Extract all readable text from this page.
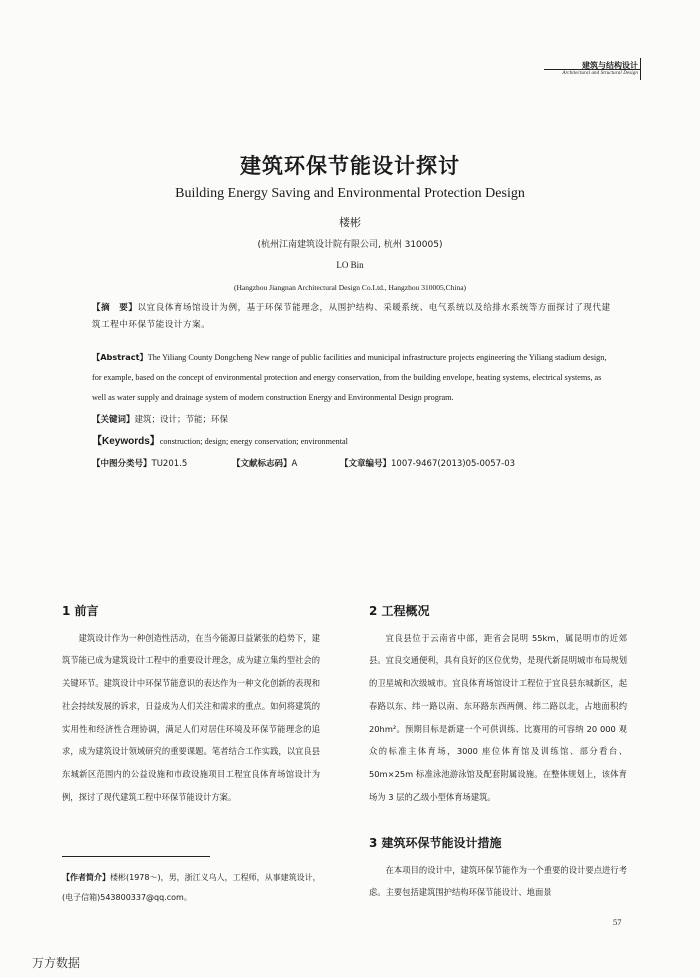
建筑与结构设计
Architectural and Structural Design
建筑环保节能设计探讨
Building Energy Saving and Environmental Protection Design
楼彬
(杭州江南建筑设计院有限公司, 杭州 310005)
LO Bin
(Hangzhou Jiangnan Architectural Design Co.Ltd., Hangzhou 310005,China)
【摘　要】以宜良体育场馆设计为例，基于环保节能理念，从围护结构、采暖系统、电气系统以及给排水系统等方面探讨了现代建筑工程中环保节能设计方案。
【Abstract】The Yiliang County Dongcheng New range of public facilities and municipal infrastructure projects engineering the Yiliang stadium design, for example, based on the concept of environmental protection and energy conservation, from the building envelope, heating systems, electrical systems, as well as water supply and drainage system of modern construction Energy and Environmental Design program.
【关键词】建筑；设计；节能；环保
【Keywords】construction; design; energy conservation; environmental
【中图分类号】TU201.5	【文献标志码】A	【文章编号】1007-9467(2013)05-0057-03
1 前言
建筑设计作为一种创造性活动，在当今能源日益紧张的趋势下，建筑节能已成为建筑设计工程中的重要设计理念，成为建立集约型社会的关键环节。建筑设计中环保节能意识的表达作为一种文化创新的表现和社会持续发展的诉求，日益成为人们关注和需求的重点。如何将建筑的实用性和经济性合理协调，满足人们对居住环境及环保节能理念的追求，成为建筑设计领域研究的重要课题。笔者结合工作实践，以宜良县东城新区范围内的公益设施和市政设施项目工程宜良体育场馆设计为例，探讨了现代建筑工程中环保节能设计方案。
2 工程概况
宜良县位于云南省中部，距省会昆明 55km，属昆明市的近郊县。宜良交通便利，具有良好的区位优势，是现代新昆明城市布局规划的卫星城和次级城市。宜良体育场馆设计工程位于宜良县东城新区，起春路以东、纬一路以南、东环路东西两侧、纬二路以北，占地面积约 20hm²。预期目标是新建一个可供训练、比赛用的可容纳 20 000 观众的标准主体育场，3000 座位体育馆及训练馆、部分看台、50m×25m 标准泳池游泳馆及配套附属设施。在整体规划上，该体育场为 3 层的乙级小型体育场建筑。
3 建筑环保节能设计措施
在本项目的设计中，建筑环保节能作为一个重要的设计要点进行考虑。主要包括建筑围护结构环保节能设计、地面景
【作者简介】楼彬(1978～)，男，浙江义乌人，工程师，从事建筑设计，(电子信箱)543800337@qq.com。
57
万方数据
